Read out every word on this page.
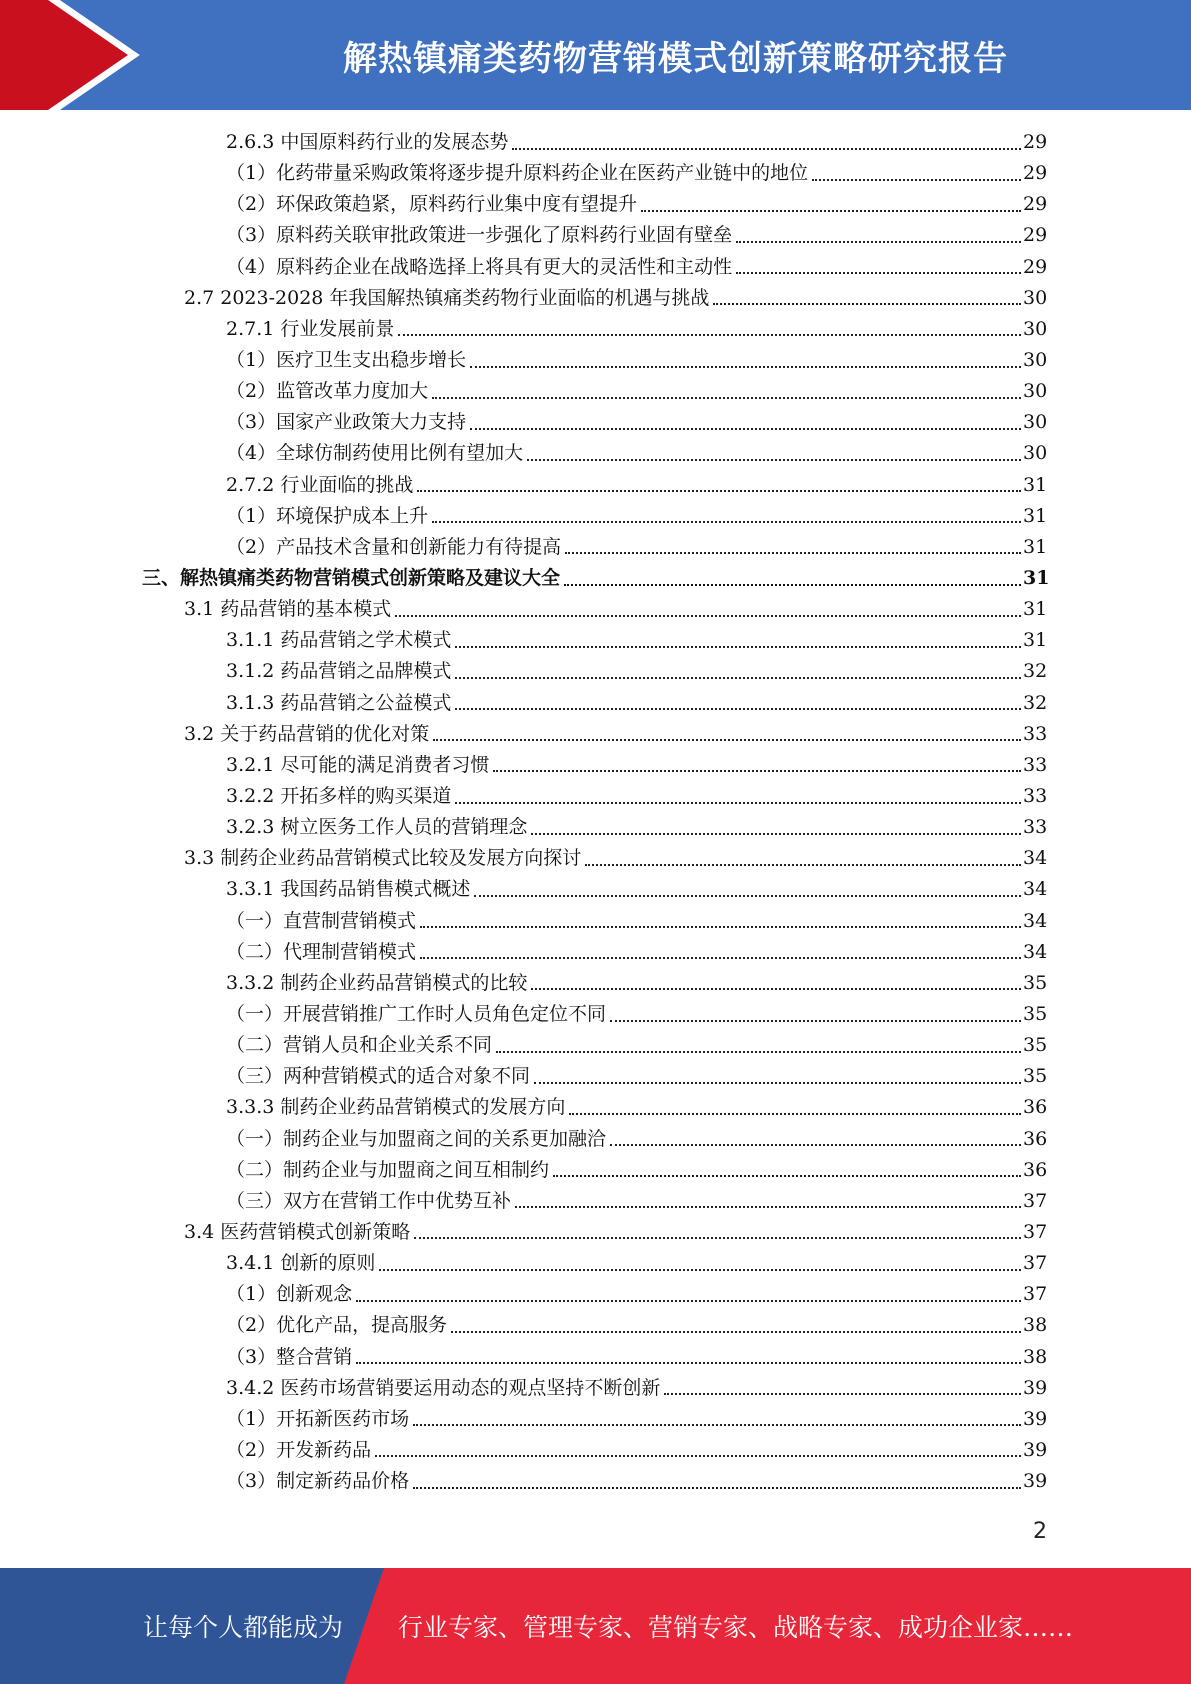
解热镇痛类药物营销模式创新策略研究报告
2.6.3 中国原料药行业的发展态势	29
（1）化药带量采购政策将逐步提升原料药企业在医药产业链中的地位	29
（2）环保政策趋紧，原料药行业集中度有望提升	29
（3）原料药关联审批政策进一步强化了原料药行业固有壁垒	29
（4）原料药企业在战略选择上将具有更大的灵活性和主动性	29
2.7 2023-2028 年我国解热镇痛类药物行业面临的机遇与挑战	30
2.7.1 行业发展前景	30
（1）医疗卫生支出稳步增长	30
（2）监管改革力度加大	30
（3）国家产业政策大力支持	30
（4）全球仿制药使用比例有望加大	30
2.7.2 行业面临的挑战	31
（1）环境保护成本上升	31
（2）产品技术含量和创新能力有待提高	31
三、解热镇痛类药物营销模式创新策略及建议大全	31
3.1 药品营销的基本模式	31
3.1.1 药品营销之学术模式	31
3.1.2 药品营销之品牌模式	32
3.1.3 药品营销之公益模式	32
3.2 关于药品营销的优化对策	33
3.2.1 尽可能的满足消费者习惯	33
3.2.2 开拓多样的购买渠道	33
3.2.3 树立医务工作人员的营销理念	33
3.3 制药企业药品营销模式比较及发展方向探讨	34
3.3.1 我国药品销售模式概述	34
（一）直营制营销模式	34
（二）代理制营销模式	34
3.3.2 制药企业药品营销模式的比较	35
（一）开展营销推广工作时人员角色定位不同	35
（二）营销人员和企业关系不同	35
（三）两种营销模式的适合对象不同	35
3.3.3 制药企业药品营销模式的发展方向	36
（一）制药企业与加盟商之间的关系更加融洽	36
（二）制药企业与加盟商之间互相制约	36
（三）双方在营销工作中优势互补	37
3.4 医药营销模式创新策略	37
3.4.1 创新的原则	37
（1）创新观念	37
（2）优化产品，提高服务	38
（3）整合营销	38
3.4.2 医药市场营销要运用动态的观点坚持不断创新	39
（1）开拓新医药市场	39
（2）开发新药品	39
（3）制定新药品价格	39
2
让每个人都能成为 行业专家、管理专家、营销专家、战略专家、成功企业家……
